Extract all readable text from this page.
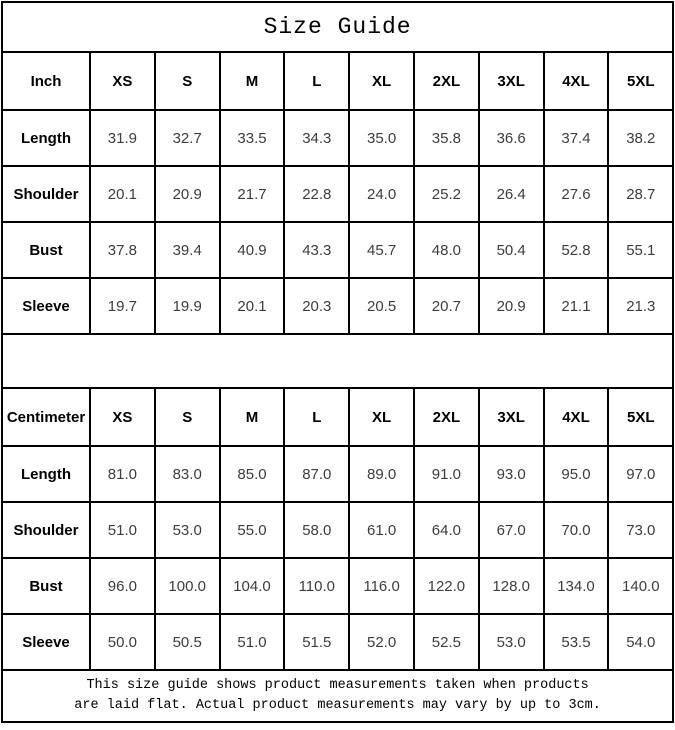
Size Guide									
Inch	XS	S	M	L	XL	2XL	3XL	4XL	5XL
Length	31.9	32.7	33.5	34.3	35.0	35.8	36.6	37.4	38.2
Shoulder	20.1	20.9	21.7	22.8	24.0	25.2	26.4	27.6	28.7
Bust	37.8	39.4	40.9	43.3	45.7	48.0	50.4	52.8	55.1
Sleeve	19.7	19.9	20.1	20.3	20.5	20.7	20.9	21.1	21.3

Centimeter	XS	S	M	L	XL	2XL	3XL	4XL	5XL
Length	81.0	83.0	85.0	87.0	89.0	91.0	93.0	95.0	97.0
Shoulder	51.0	53.0	55.0	58.0	61.0	64.0	67.0	70.0	73.0
Bust	96.0	100.0	104.0	110.0	116.0	122.0	128.0	134.0	140.0
Sleeve	50.0	50.5	51.0	51.5	52.0	52.5	53.0	53.5	54.0

This size guide shows product measurements taken when products
are laid flat. Actual product measurements may vary by up to 3cm.									
